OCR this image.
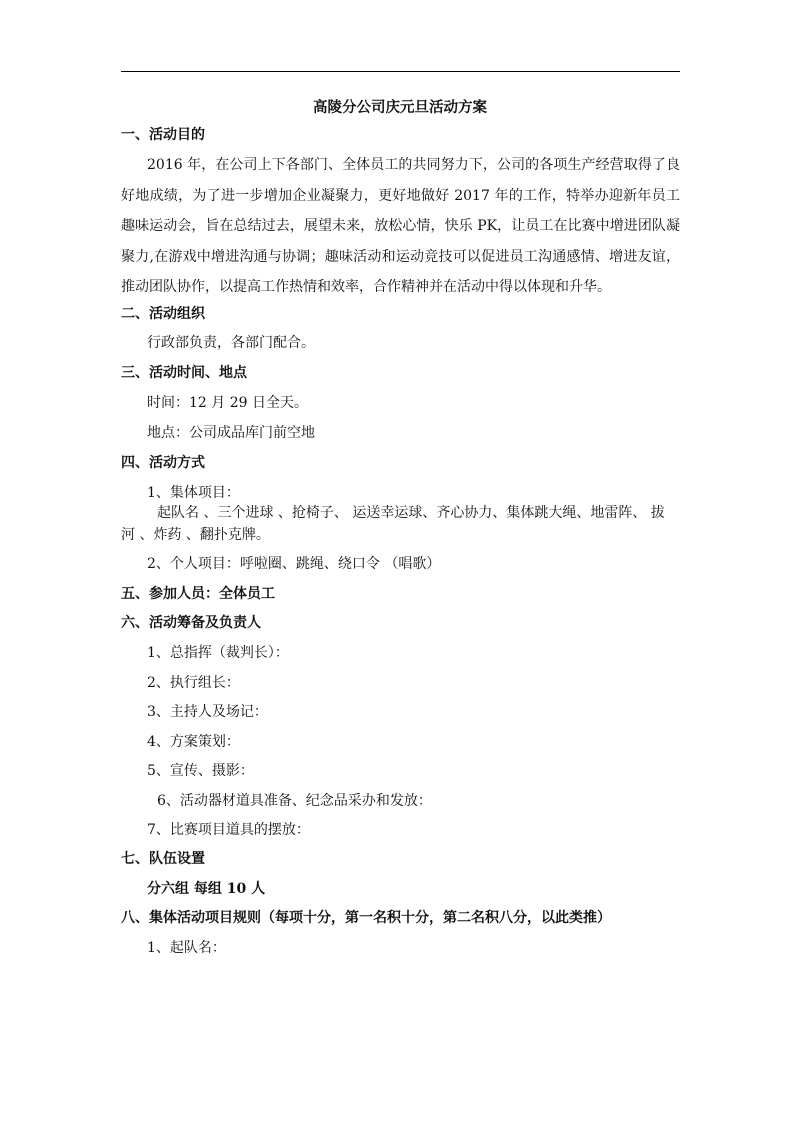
高陵分公司庆元旦活动方案
一、活动目的
2016 年，在公司上下各部门、全体员工的共同努力下，公司的各项生产经营取得了良好地成绩，为了进一步增加企业凝聚力，更好地做好 2017 年的工作，特举办迎新年员工趣味运动会，旨在总结过去，展望未来，放松心情，快乐 PK，让员工在比赛中增进团队凝聚力,在游戏中增进沟通与协调；趣味活动和运动竞技可以促进员工沟通感情、增进友谊，推动团队协作，以提高工作热情和效率，合作精神并在活动中得以体现和升华。
二、活动组织
行政部负责，各部门配合。
三、活动时间、地点
时间：12 月 29 日全天。
地点：公司成品库门前空地
四、活动方式
1、集体项目：
起队名 、三个进球 、抢椅子、 运送幸运球、齐心协力、集体跳大绳、地雷阵、 拔
河 、炸药 、翻扑克牌。
2、个人项目：呼啦圈、跳绳、绕口令 （唱歌）
五、参加人员：全体员工
六、活动筹备及负责人
1、总指挥（裁判长）：
2、执行组长：
3、主持人及场记：
4、方案策划：
5、宣传、摄影：
6、活动器材道具准备、纪念品采办和发放：
7、比赛项目道具的摆放：
七、队伍设置
分六组 每组 10 人
八、集体活动项目规则（每项十分，第一名积十分，第二名积八分，以此类推）
1、起队名：
